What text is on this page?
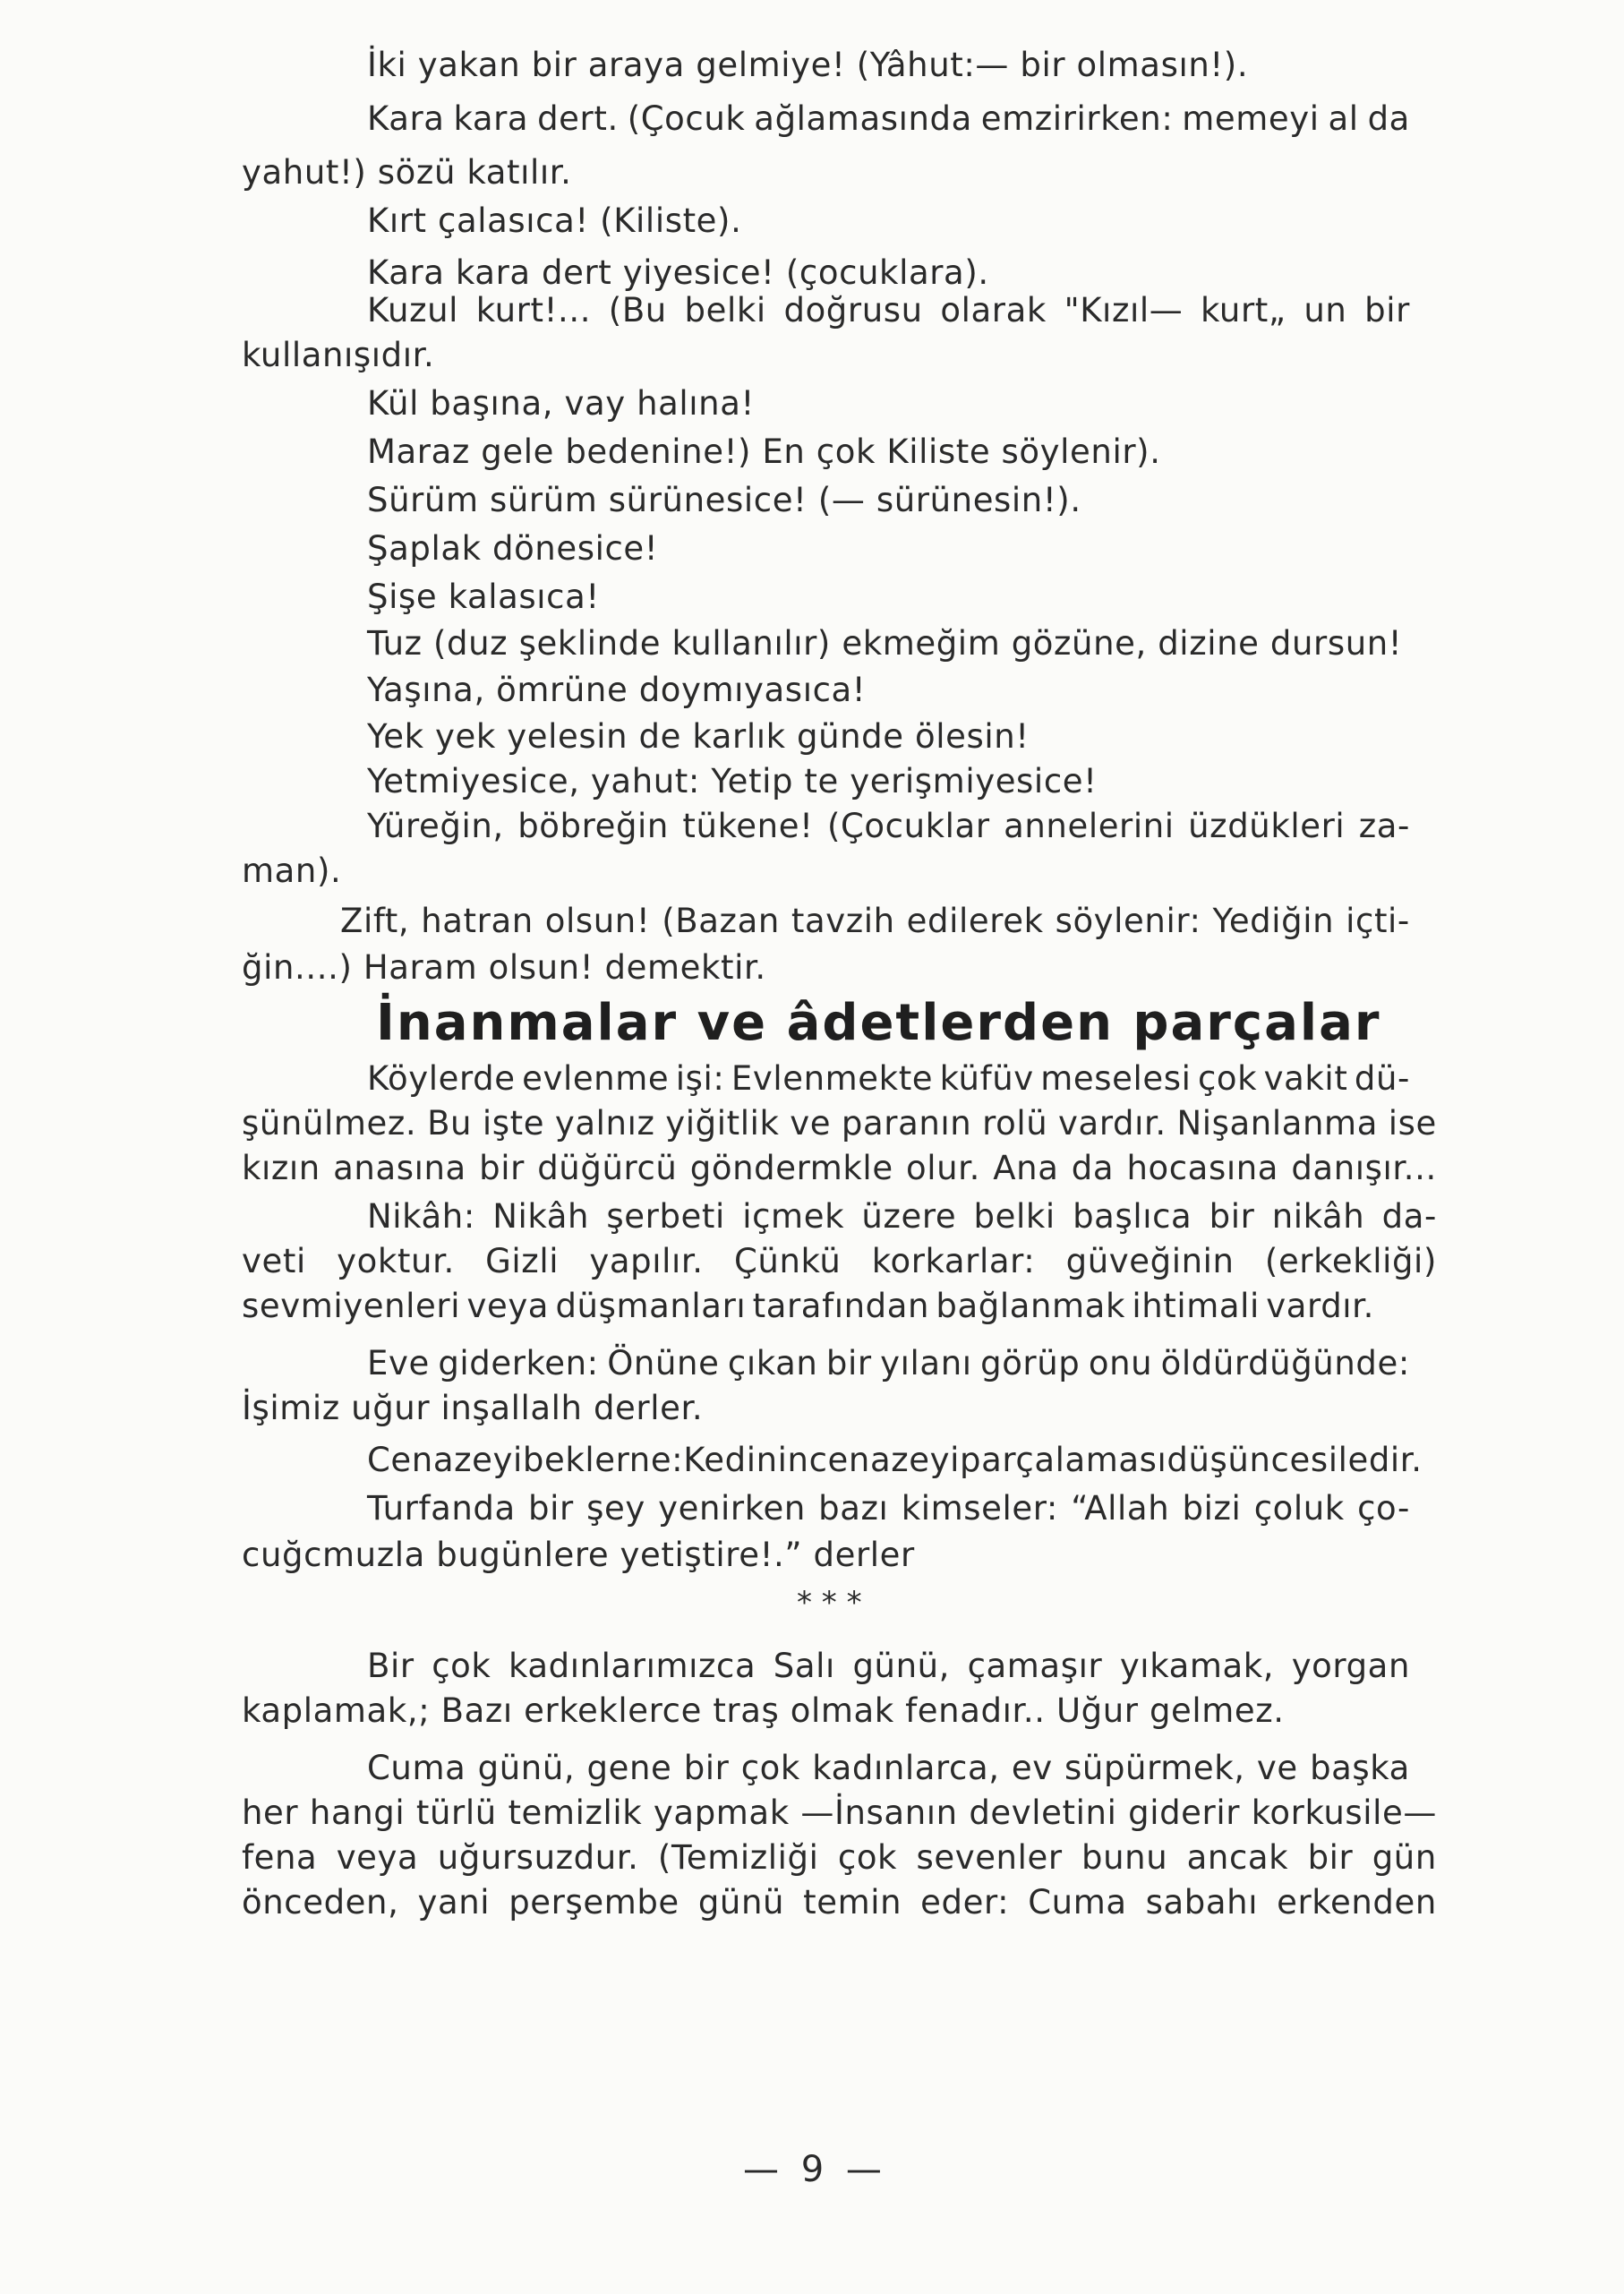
İki yakan bir araya gelmiye! (Yâhut:— bir olmasın!).
Kara kara dert. (Çocuk ağlamasında emzirirken: memeyi al da
yahut!) sözü katılır.
Kırt çalasıca! (Kiliste).
Kara kara dert yiyesice! (çocuklara).
Kuzul kurt!... (Bu belki doğrusu olarak "Kızıl— kurt„ un bir
kullanışıdır.
Kül başına, vay halına!
Maraz gele bedenine!) En çok Kiliste söylenir).
Sürüm sürüm sürünesice! (— sürünesin!).
Şaplak dönesice!
Şişe kalasıca!
Tuz (duz şeklinde kullanılır) ekmeğim gözüne, dizine dursun!
Yaşına, ömrüne doymıyasıca!
Yek yek yelesin de karlık günde ölesin!
Yetmiyesice, yahut: Yetip te yerişmiyesice!
Yüreğin, böbreğin tükene! (Çocuklar annelerini üzdükleri za-
man).
Zift, hatran olsun! (Bazan tavzih edilerek söylenir: Yediğin içti-
ğin....) Haram olsun! demektir.
Köylerde evlenme işi: Evlenmekte küfüv meselesi çok vakit dü-
şünülmez. Bu işte yalnız yiğitlik ve paranın rolü vardır. Nişanlanma ise
kızın anasına bir düğürcü göndermkle olur. Ana da hocasına danışır...
Nikâh: Nikâh şerbeti içmek üzere belki başlıca bir nikâh da-
veti yoktur. Gizli yapılır. Çünkü korkarlar: güveğinin (erkekliği)
sevmiyenleri veya düşmanları tarafından bağlanmak ihtimali vardır.
Eve giderken: Önüne çıkan bir yılanı görüp onu öldürdüğünde:
İşimiz uğur inşallalh derler.
Cenazeyi beklerne: Kedinin cenazeyi parçalaması düşüncesiledir.
Turfanda bir şey yenirken bazı kimseler: “Allah bizi çoluk ço-
cuğcmuzla bugünlere yetiştire!.” derler
Bir çok kadınlarımızca Salı günü, çamaşır yıkamak, yorgan
kaplamak,; Bazı erkeklerce traş olmak fenadır.. Uğur gelmez.
Cuma günü, gene bir çok kadınlarca, ev süpürmek, ve başka
her hangi türlü temizlik yapmak —İnsanın devletini giderir korkusile—
fena veya uğursuzdur. (Temizliği çok sevenler bunu ancak bir gün
önceden, yani perşembe günü temin eder: Cuma sabahı erkenden
İnanmalar ve âdetlerden parçalar
* * *
— 9 —
